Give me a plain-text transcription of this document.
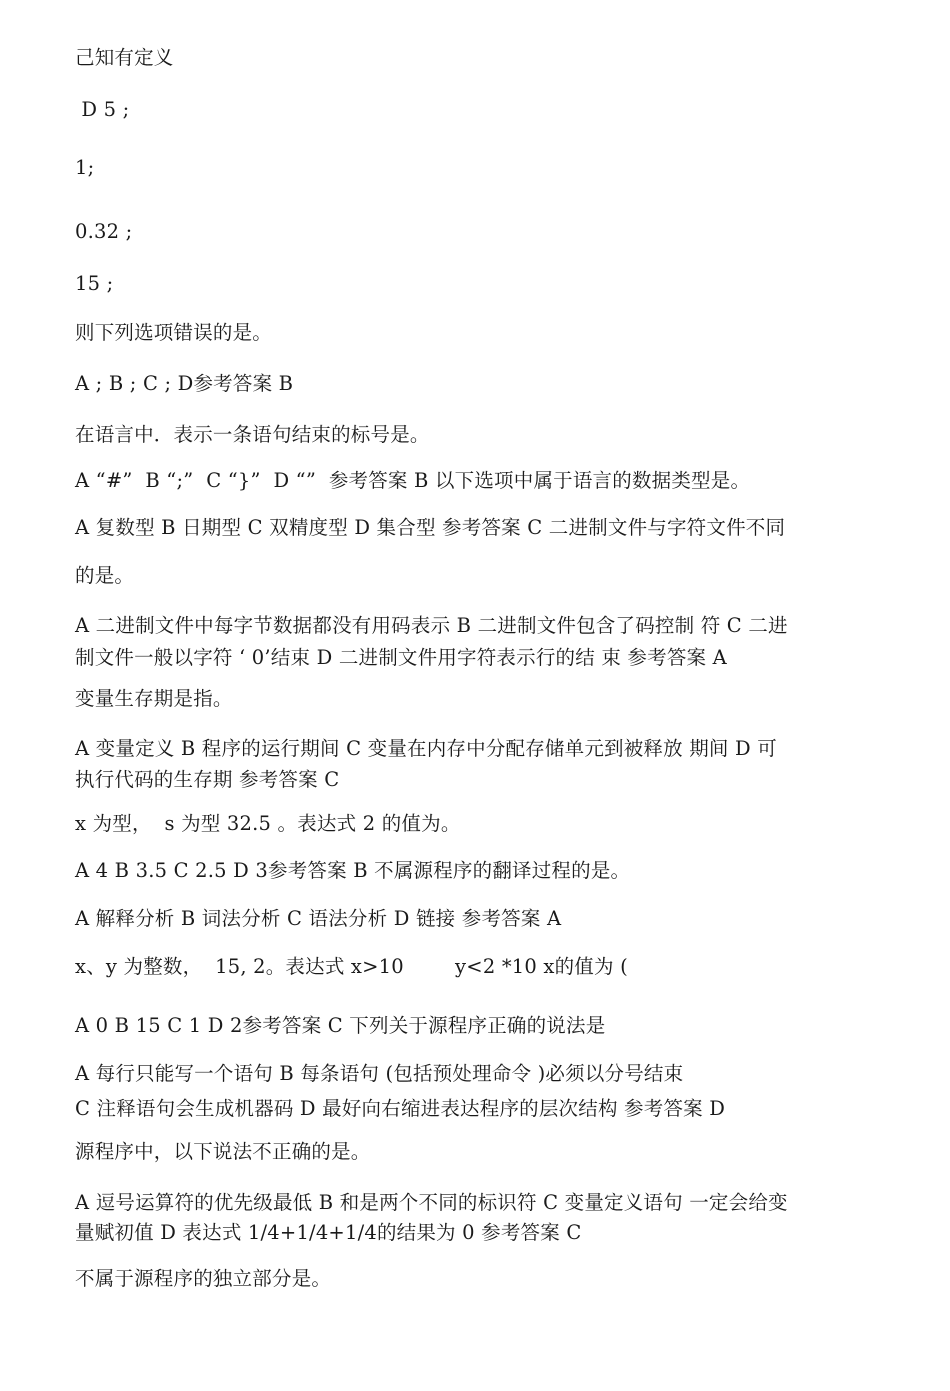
己知有定义
D 5 ;
1;
0.32 ;
15 ;
则下列选项错误的是。
A ; B ; C ; D参考答案 B
在语言中．表示一条语句结束的标号是。
A “#”  B “;”  C “}”  D “”  参考答案 B 以下选项中属于语言的数据类型是。
A 复数型 B 日期型 C 双精度型 D 集合型 参考答案 C 二进制文件与字符文件不同
的是。
A 二进制文件中每字节数据都没有用码表示 B 二进制文件包含了码控制 符 C 二进
制文件一般以字符 ‘ 0’结束 D 二进制文件用字符表示行的结 束 参考答案 A
变量生存期是指。
A 变量定义 B 程序的运行期间 C 变量在内存中分配存储单元到被释放 期间 D 可
执行代码的生存期 参考答案 C
x 为型，  s 为型 32.5 。表达式 2 的值为。
A 4 B 3.5 C 2.5 D 3参考答案 B 不属源程序的翻译过程的是。
A 解释分析 B 词法分析 C 语法分析 D 链接 参考答案 A
x、y 为整数，  15, 2。表达式 x>10        y<2 *10 x的值为 (
A 0 B 15 C 1 D 2参考答案 C 下列关于源程序正确的说法是
A 每行只能写一个语句 B 每条语句 (包括预处理命令 )必须以分号结束
C 注释语句会生成机器码 D 最好向右缩进表达程序的层次结构 参考答案 D
源程序中，以下说法不正确的是。
A 逗号运算符的优先级最低 B 和是两个不同的标识符 C 变量定义语句 一定会给变
量赋初值 D 表达式 1/4+1/4+1/4的结果为 0 参考答案 C
不属于源程序的独立部分是。
